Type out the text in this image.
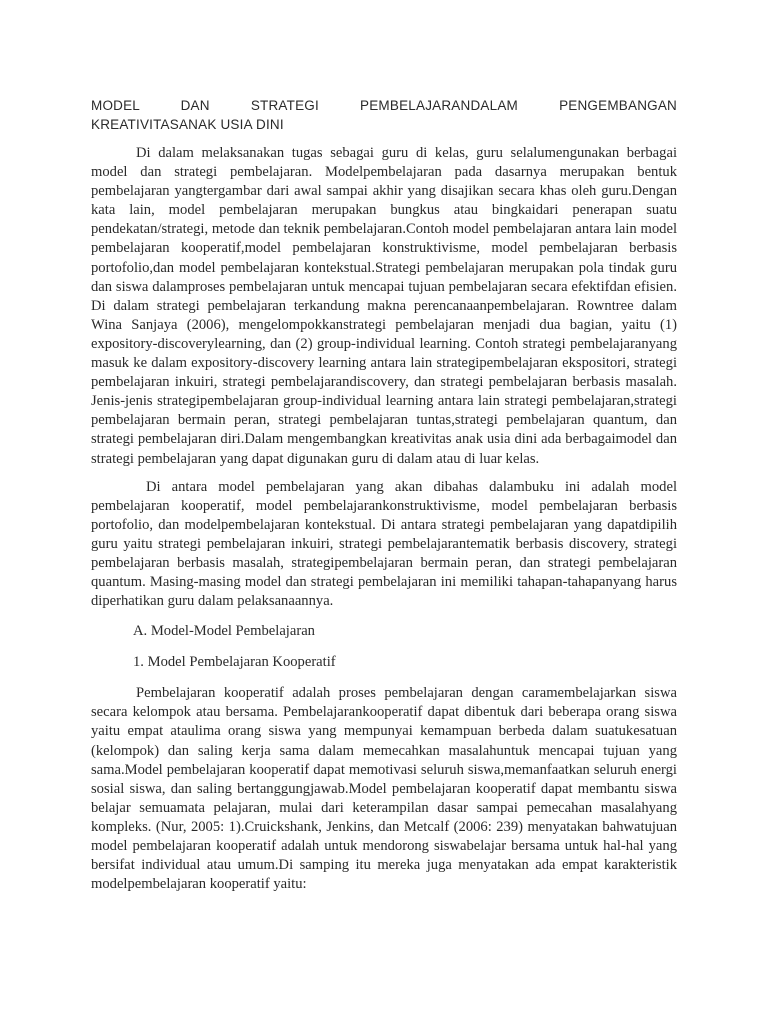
MODEL DAN STRATEGI PEMBELAJARANDALAM PENGEMBANGAN
KREATIVITASANAK USIA DINI

Di dalam melaksanakan tugas sebagai guru di kelas, guru selalumengunakan berbagai model dan strategi pembelajaran. Modelpembelajaran pada dasarnya merupakan bentuk pembelajaran yangtergambar dari awal sampai akhir yang disajikan secara khas oleh guru.Dengan kata lain, model pembelajaran merupakan bungkus atau bingkaidari penerapan suatu pendekatan/strategi, metode dan teknik pembelajaran.Contoh model pembelajaran antara lain model pembelajaran kooperatif,model pembelajaran konstruktivisme, model pembelajaran berbasis portofolio,dan model pembelajaran kontekstual.Strategi pembelajaran merupakan pola tindak guru dan siswa dalamproses pembelajaran untuk mencapai tujuan pembelajaran secara efektifdan efisien. Di dalam strategi pembelajaran terkandung makna perencanaanpembelajaran. Rowntree dalam Wina Sanjaya (2006), mengelompokkanstrategi pembelajaran menjadi dua bagian, yaitu (1) expository-discoverylearning, dan (2) group-individual learning. Contoh strategi pembelajaranyang masuk ke dalam expository-discovery learning antara lain strategipembelajaran ekspositori, strategi pembelajaran inkuiri, strategi pembelajarandiscovery, dan strategi pembelajaran berbasis masalah. Jenis-jenis strategipembelajaran group-individual learning antara lain strategi pembelajaran,strategi pembelajaran bermain peran, strategi pembelajaran tuntas,strategi pembelajaran quantum, dan strategi pembelajaran diri.Dalam mengembangkan kreativitas anak usia dini ada berbagaimodel dan strategi pembelajaran yang dapat digunakan guru di dalam atau di luar kelas.

Di antara model pembelajaran yang akan dibahas dalambuku ini adalah model pembelajaran kooperatif, model pembelajarankonstruktivisme, model pembelajaran berbasis portofolio, dan modelpembelajaran kontekstual. Di antara strategi pembelajaran yang dapatdipilih guru yaitu strategi pembelajaran inkuiri, strategi pembelajarantematik berbasis discovery, strategi pembelajaran berbasis masalah, strategipembelajaran bermain peran, dan strategi pembelajaran quantum. Masing-masing model dan strategi pembelajaran ini memiliki tahapan-tahapanyang harus diperhatikan guru dalam pelaksanaannya.

A. Model-Model Pembelajaran
1. Model Pembelajaran Kooperatif

Pembelajaran kooperatif adalah proses pembelajaran dengan caramembelajarkan siswa secara kelompok atau bersama. Pembelajarankooperatif dapat dibentuk dari beberapa orang siswa yaitu empat ataulima orang siswa yang mempunyai kemampuan berbeda dalam suatukesatuan (kelompok) dan saling kerja sama dalam memecahkan masalahuntuk mencapai tujuan yang sama.Model pembelajaran kooperatif dapat memotivasi seluruh siswa,memanfaatkan seluruh energi sosial siswa, dan saling bertanggungjawab.Model pembelajaran kooperatif dapat membantu siswa belajar semuamata pelajaran, mulai dari keterampilan dasar sampai pemecahan masalahyang kompleks. (Nur, 2005: 1).Cruickshank, Jenkins, dan Metcalf (2006: 239) menyatakan bahwatujuan model pembelajaran kooperatif adalah untuk mendorong siswabelajar bersama untuk hal-hal yang bersifat individual atau umum.Di samping itu mereka juga menyatakan ada empat karakteristik modelpembelajaran kooperatif yaitu:
